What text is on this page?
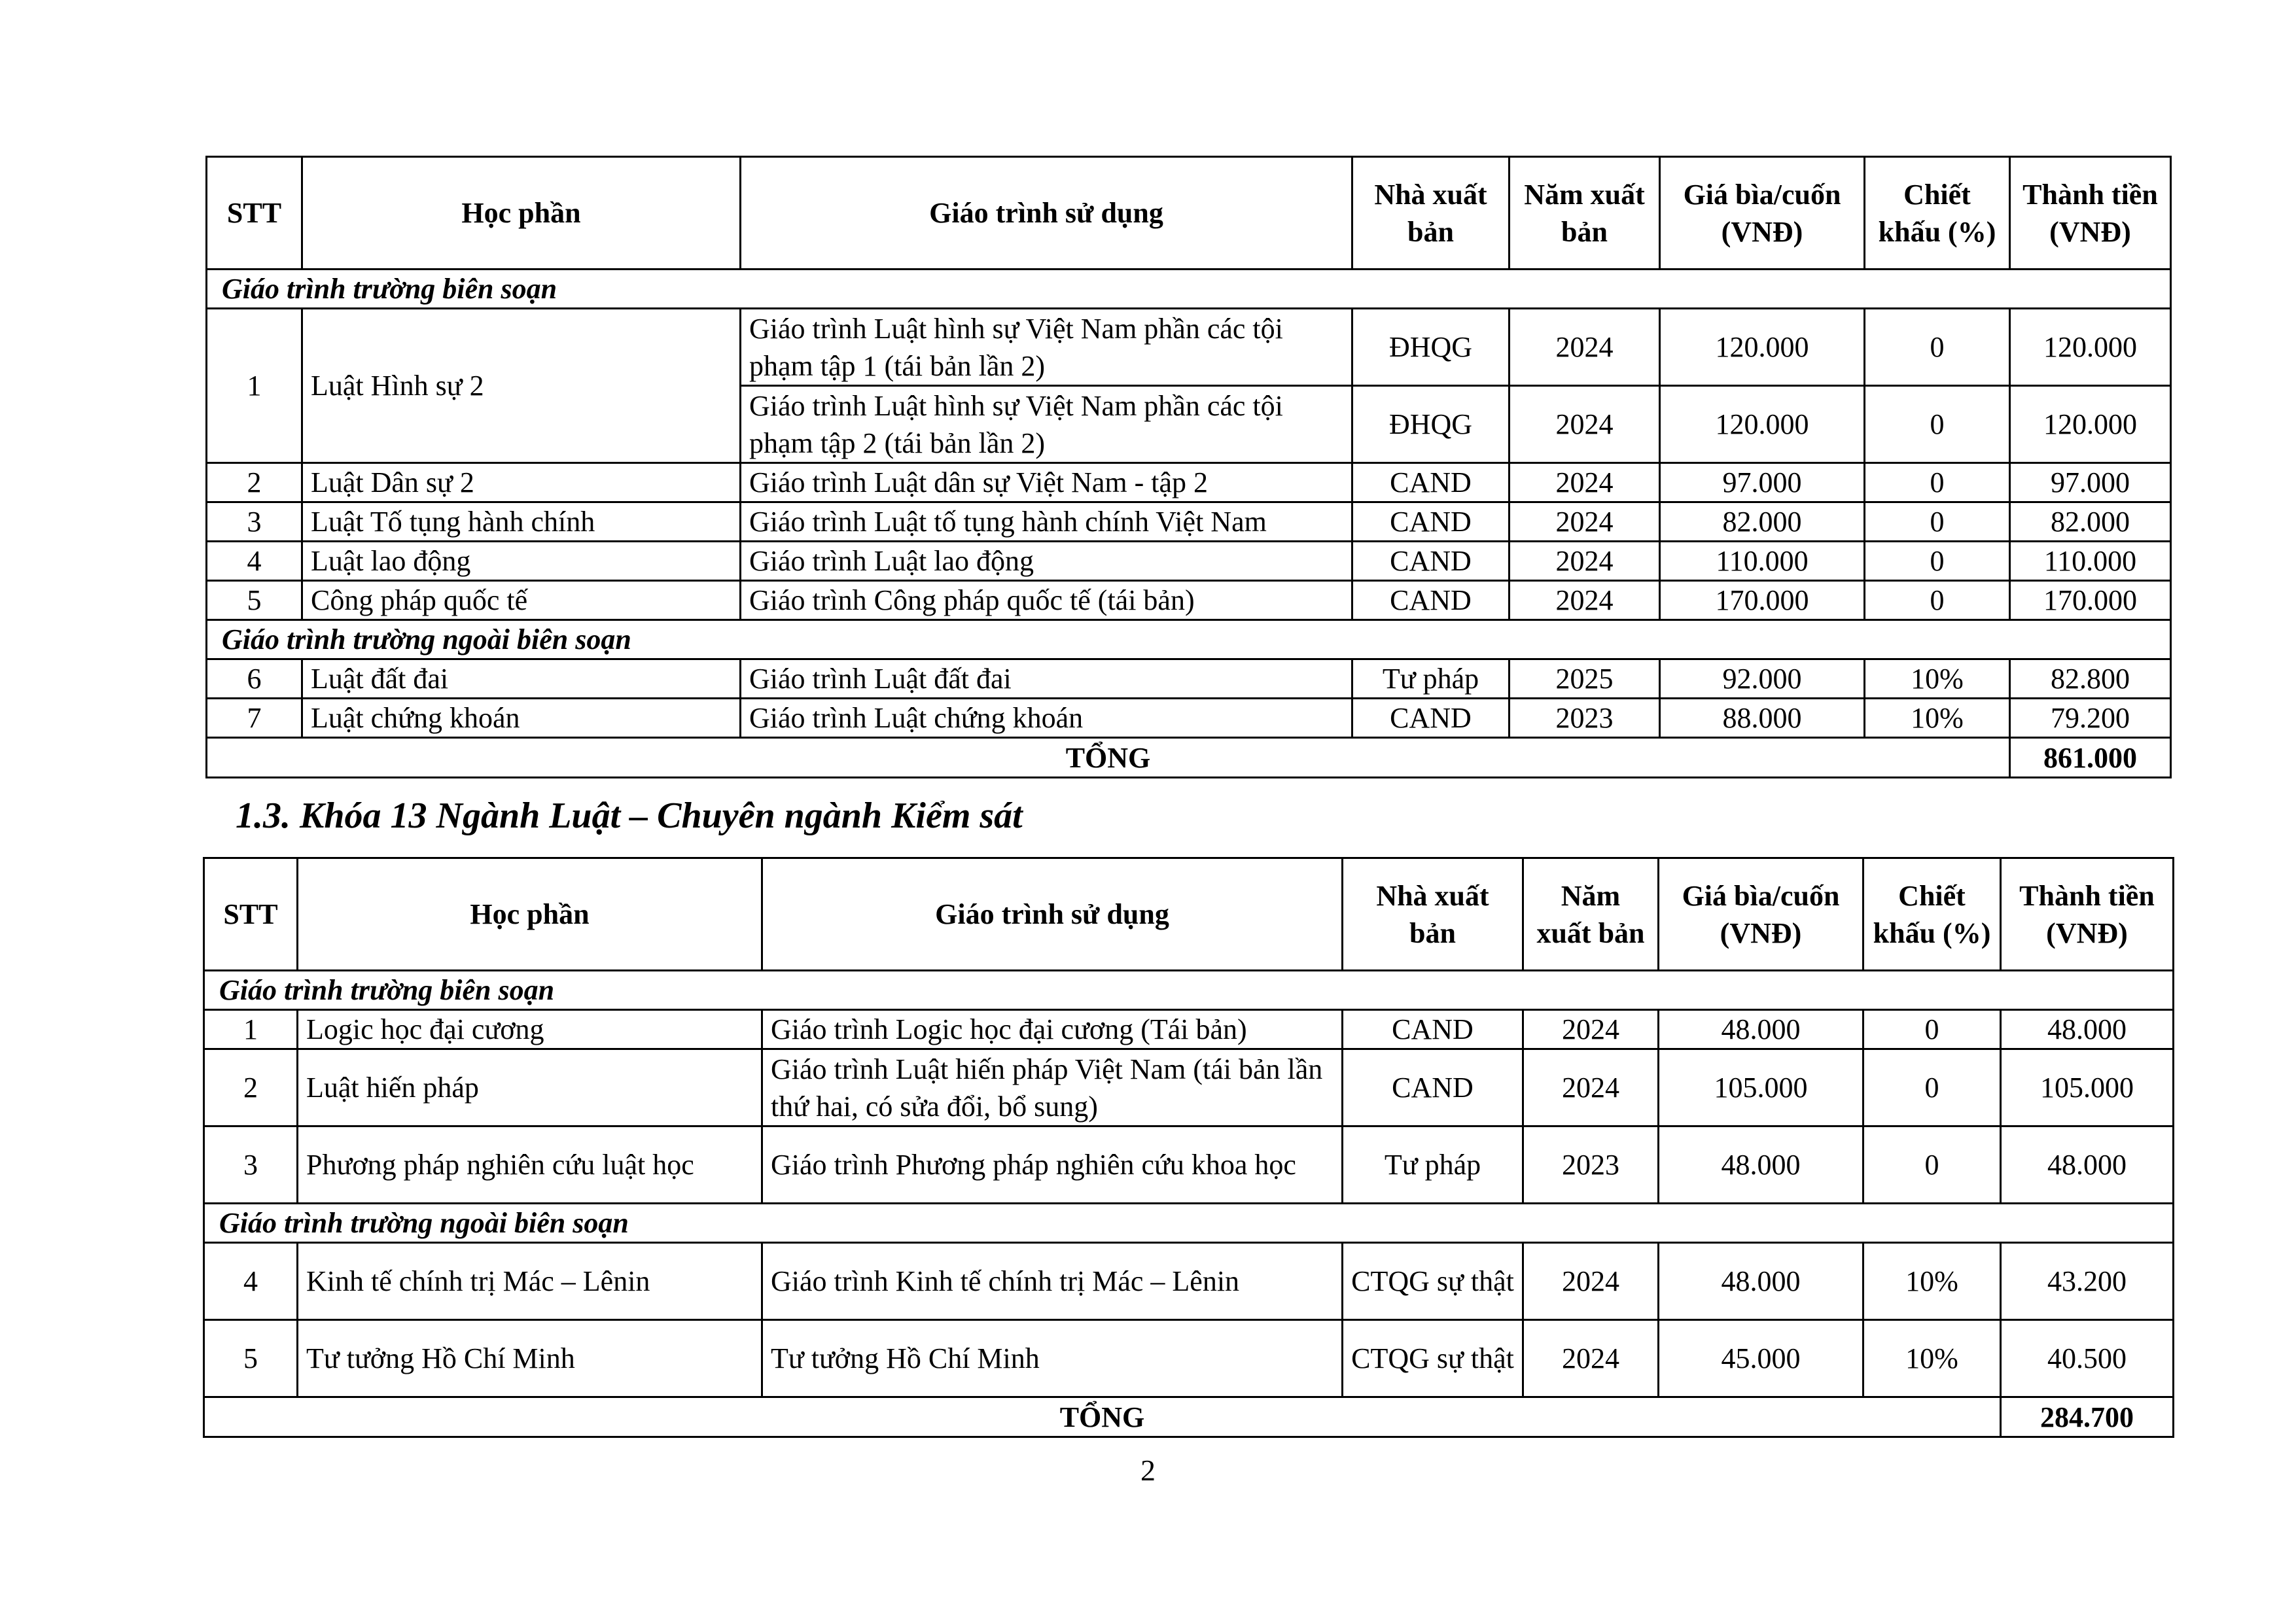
STT	Học phần	Giáo trình sử dụng	Nhà xuất bản	Năm xuất bản	Giá bìa/cuốn (VNĐ)	Chiết khấu (%)	Thành tiền (VNĐ)
Giáo trình trường biên soạn							
1	Luật Hình sự 2	Giáo trình Luật hình sự Việt Nam phần các tội phạm tập 1 (tái bản lần 2)	ĐHQG	2024	120.000	0	120.000
		Giáo trình Luật hình sự Việt Nam phần các tội phạm tập 2 (tái bản lần 2)	ĐHQG	2024	120.000	0	120.000
2	Luật Dân sự 2	Giáo trình Luật dân sự Việt Nam - tập 2	CAND	2024	97.000	0	97.000
3	Luật Tố tụng hành chính	Giáo trình Luật tố tụng hành chính Việt Nam	CAND	2024	82.000	0	82.000
4	Luật lao động	Giáo trình Luật lao động	CAND	2024	110.000	0	110.000
5	Công pháp quốc tế	Giáo trình Công pháp quốc tế (tái bản)	CAND	2024	170.000	0	170.000
Giáo trình trường ngoài biên soạn							
6	Luật đất đai	Giáo trình Luật đất đai	Tư pháp	2025	92.000	10%	82.800
7	Luật chứng khoán	Giáo trình Luật chứng khoán	CAND	2023	88.000	10%	79.200
TỔNG							861.000

1.3. Khóa 13 Ngành Luật – Chuyên ngành Kiểm sát

STT	Học phần	Giáo trình sử dụng	Nhà xuất bản	Năm xuất bản	Giá bìa/cuốn (VNĐ)	Chiết khấu (%)	Thành tiền (VNĐ)
Giáo trình trường biên soạn							
1	Logic học đại cương	Giáo trình Logic học đại cương (Tái bản)	CAND	2024	48.000	0	48.000
2	Luật hiến pháp	Giáo trình Luật hiến pháp Việt Nam (tái bản lần thứ hai, có sửa đổi, bổ sung)	CAND	2024	105.000	0	105.000
3	Phương pháp nghiên cứu luật học	Giáo trình Phương pháp nghiên cứu khoa học	Tư pháp	2023	48.000	0	48.000
Giáo trình trường ngoài biên soạn							
4	Kinh tế chính trị Mác – Lênin	Giáo trình Kinh tế chính trị Mác – Lênin	CTQG sự thật	2024	48.000	10%	43.200
5	Tư tưởng Hồ Chí Minh	Tư tưởng Hồ Chí Minh	CTQG sự thật	2024	45.000	10%	40.500
TỔNG							284.700
2
